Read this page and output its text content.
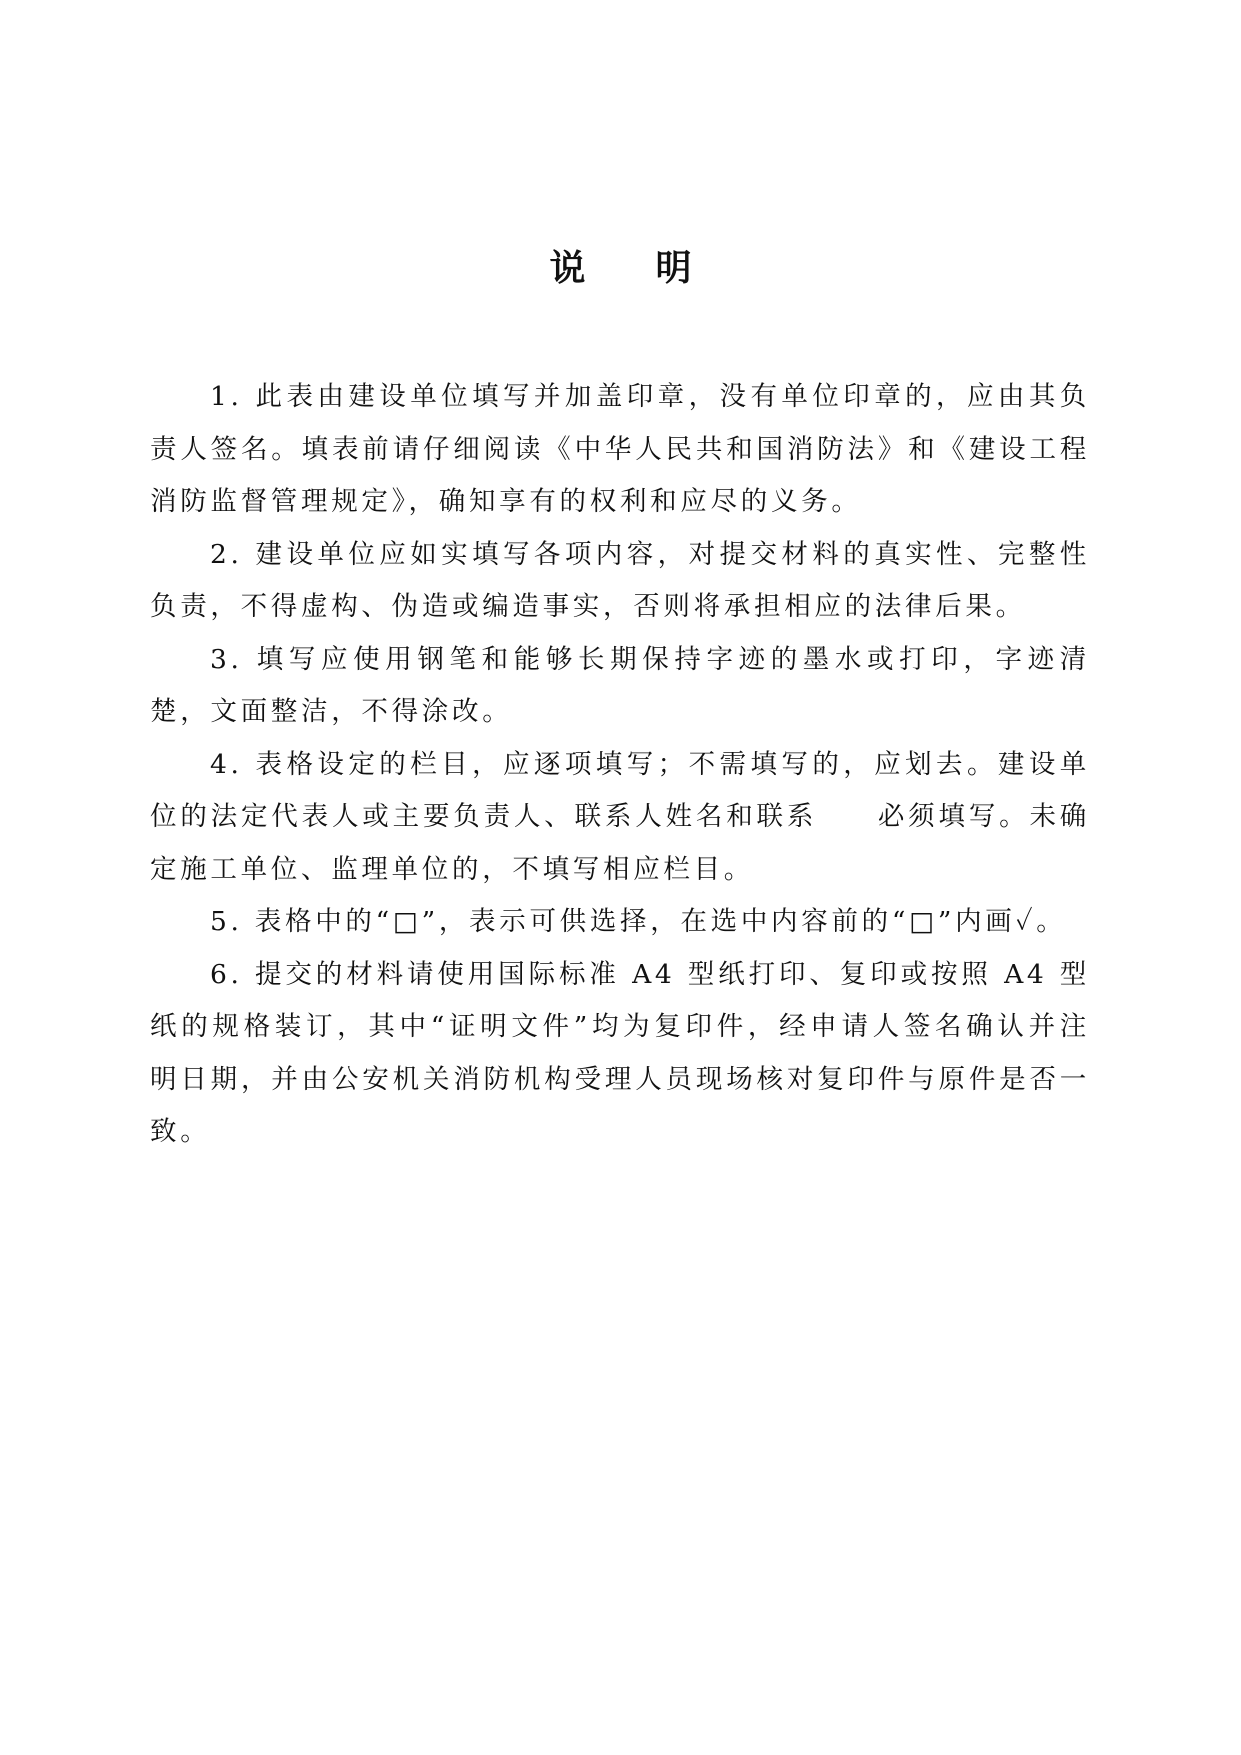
说明

1. 此表由建设单位填写并加盖印章，没有单位印章的，应由其负责人签名。填表前请仔细阅读《中华人民共和国消防法》和《建设工程消防监督管理规定》，确知享有的权利和应尽的义务。

2. 建设单位应如实填写各项内容，对提交材料的真实性、完整性负责，不得虚构、伪造或编造事实，否则将承担相应的法律后果。

3. 填写应使用钢笔和能够长期保持字迹的墨水或打印，字迹清楚，文面整洁，不得涂改。

4. 表格设定的栏目，应逐项填写；不需填写的，应划去。建设单位的法定代表人或主要负责人、联系人姓名和联系　　必须填写。未确定施工单位、监理单位的，不填写相应栏目。

5. 表格中的“□”，表示可供选择，在选中内容前的“□”内画✓。

6. 提交的材料请使用国际标准 A4 型纸打印、复印或按照 A4 型纸的规格装订，其中“证明文件”均为复印件，经申请人签名确认并注明日期，并由公安机关消防机构受理人员现场核对复印件与原件是否一致。
